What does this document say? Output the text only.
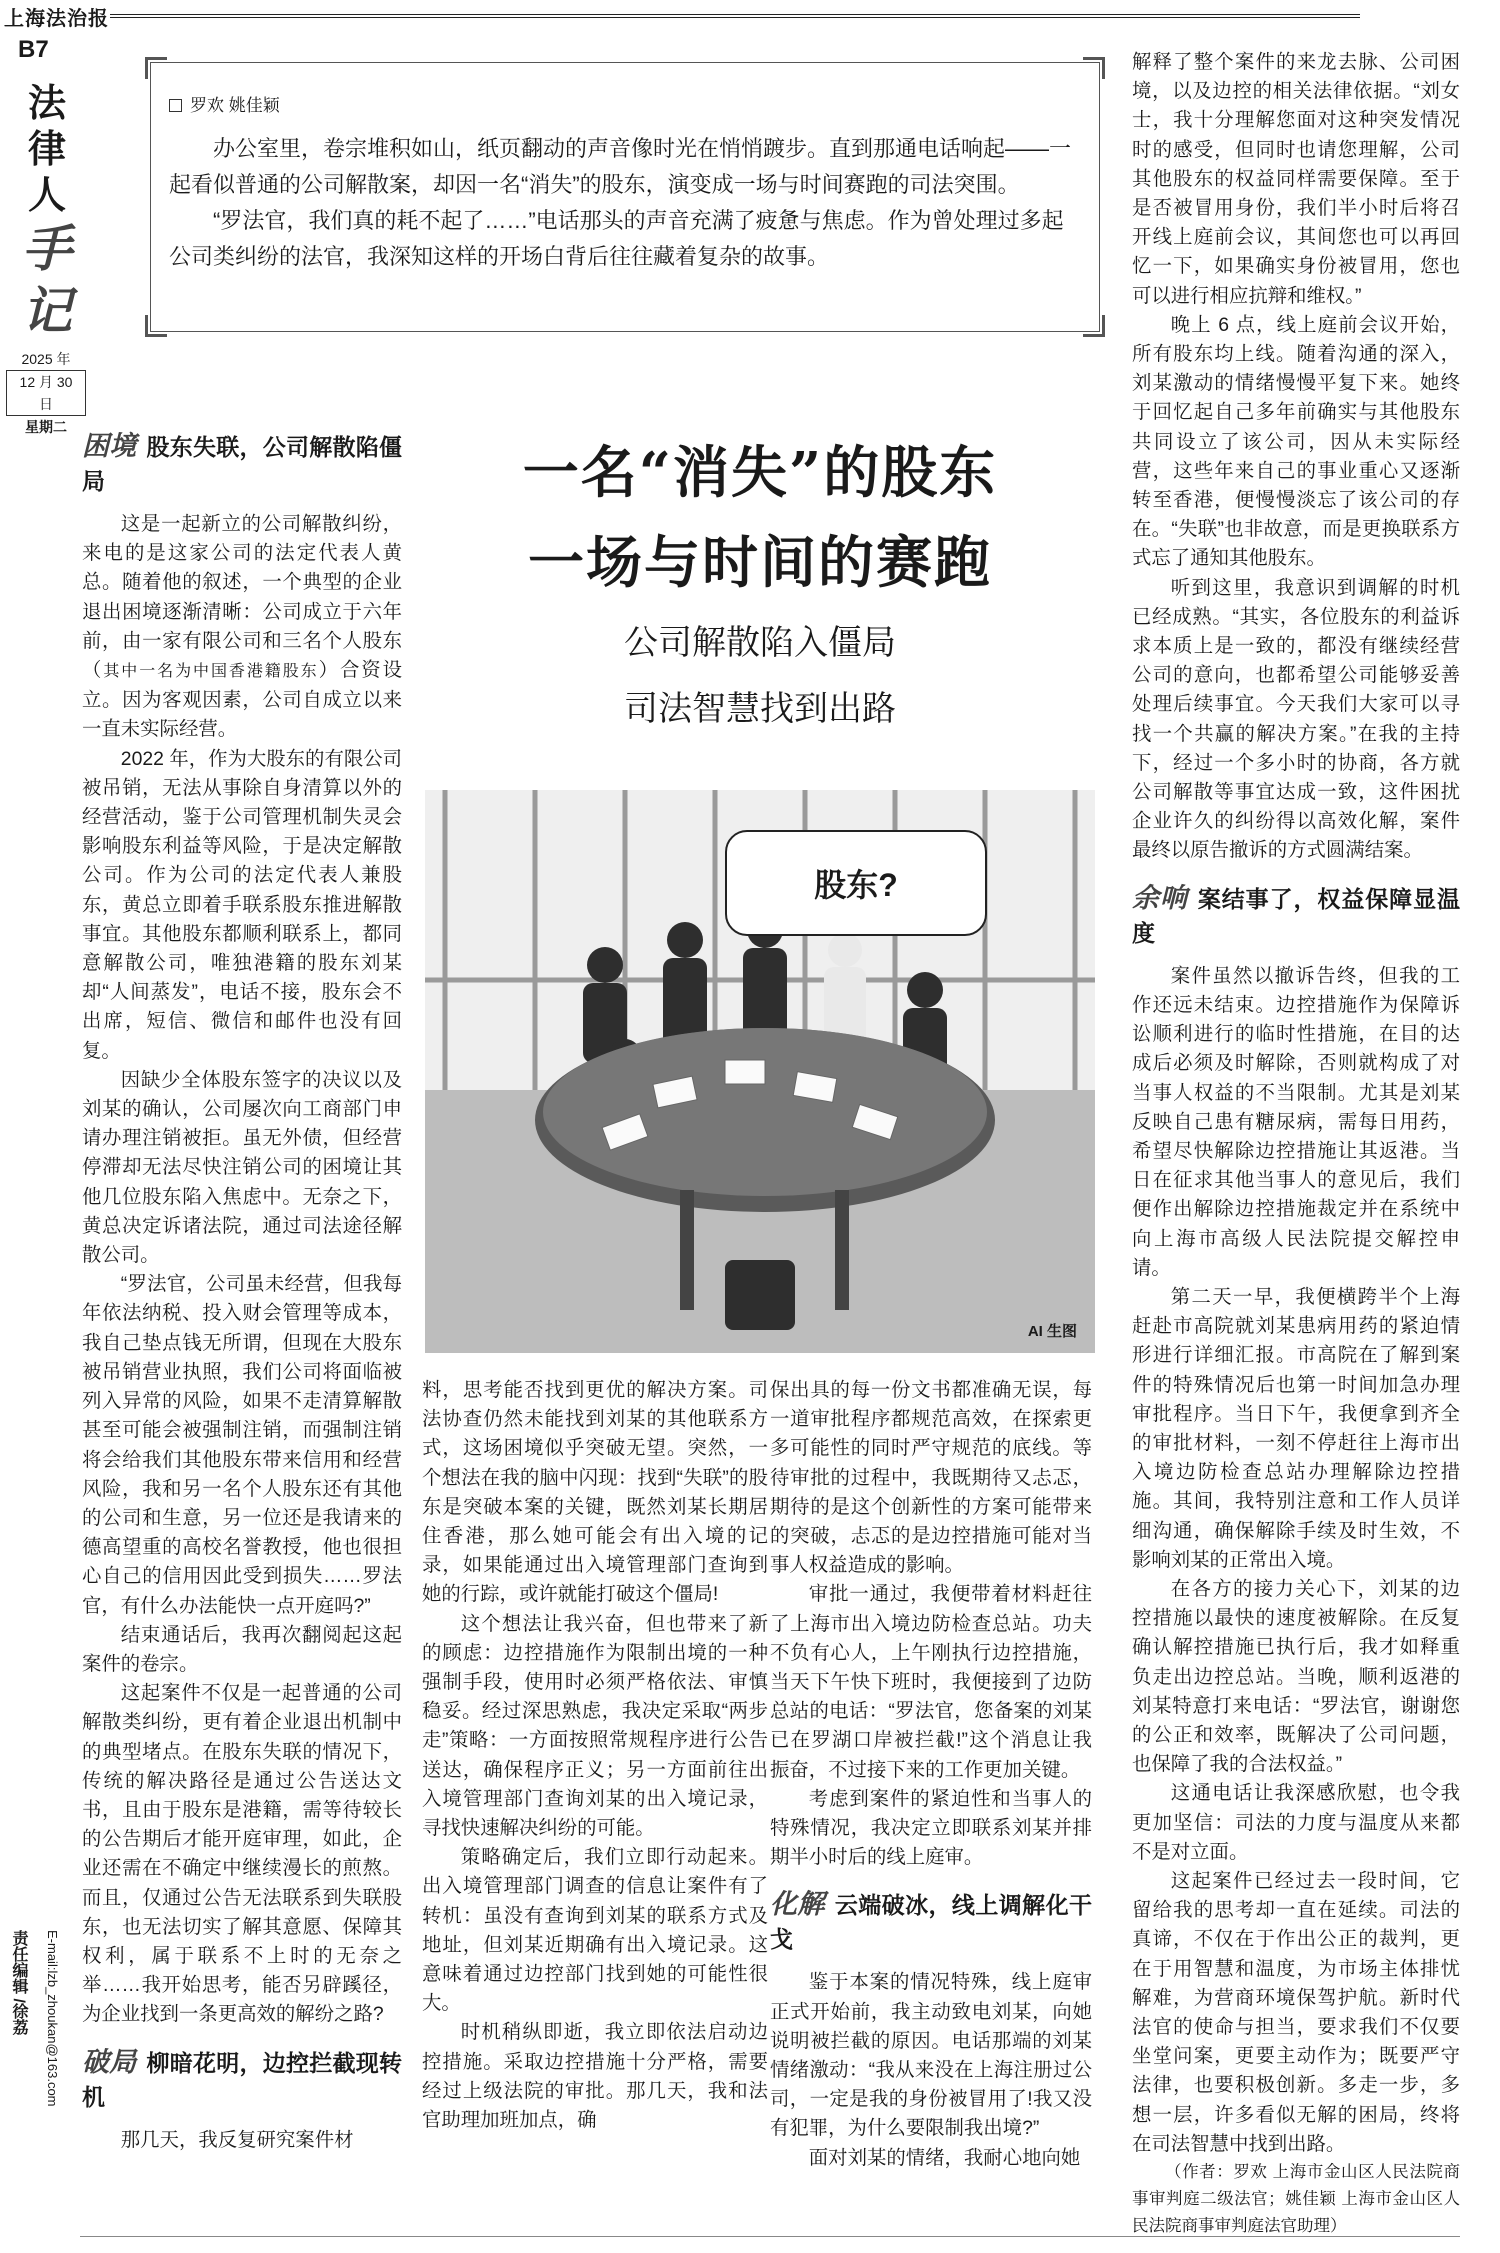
上海法治报
B7
法
律
人
手
记
2025 年
12 月 30 日
星期二
责任编辑 /徐荔	E-mail:lzb_zhoukan@163.com
罗欢 姚佳颖

办公室里，卷宗堆积如山，纸页翻动的声音像时光在悄悄踱步。直到那通电话响起——一起看似普通的公司解散案，却因一名“消失”的股东，演变成一场与时间赛跑的司法突围。

“罗法官，我们真的耗不起了……”电话那头的声音充满了疲惫与焦虑。作为曾处理过多起公司类纠纷的法官，我深知这样的开场白背后往往藏着复杂的故事。

一名“消失”的股东
一场与时间的赛跑
公司解散陷入僵局
司法智慧找到出路
股东?
AI 生图
困境 股东失联，公司解散陷僵局

这是一起新立的公司解散纠纷，来电的是这家公司的法定代表人黄总。随着他的叙述，一个典型的企业退出困境逐渐清晰：公司成立于六年前，由一家有限公司和三名个人股东（其中一名为中国香港籍股东）合资设立。因为客观因素，公司自成立以来一直未实际经营。

2022 年，作为大股东的有限公司被吊销，无法从事除自身清算以外的经营活动，鉴于公司管理机制失灵会影响股东利益等风险，于是决定解散公司。作为公司的法定代表人兼股东，黄总立即着手联系股东推进解散事宜。其他股东都顺利联系上，都同意解散公司，唯独港籍的股东刘某却“人间蒸发”，电话不接，股东会不出席，短信、微信和邮件也没有回复。

因缺少全体股东签字的决议以及刘某的确认，公司屡次向工商部门申请办理注销被拒。虽无外债，但经营停滞却无法尽快注销公司的困境让其他几位股东陷入焦虑中。无奈之下，黄总决定诉诸法院，通过司法途径解散公司。

“罗法官，公司虽未经营，但我每年依法纳税、投入财会管理等成本，我自己垫点钱无所谓，但现在大股东被吊销营业执照，我们公司将面临被列入异常的风险，如果不走清算解散甚至可能会被强制注销，而强制注销将会给我们其他股东带来信用和经营风险，我和另一名个人股东还有其他的公司和生意，另一位还是我请来的德高望重的高校名誉教授，他也很担心自己的信用因此受到损失……罗法官，有什么办法能快一点开庭吗?”

结束通话后，我再次翻阅起这起案件的卷宗。

这起案件不仅是一起普通的公司解散类纠纷，更有着企业退出机制中的典型堵点。在股东失联的情况下，传统的解决路径是通过公告送达文书，且由于股东是港籍，需等待较长的公告期后才能开庭审理，如此，企业还需在不确定中继续漫长的煎熬。而且，仅通过公告无法联系到失联股东，也无法切实了解其意愿、保障其权利，属于联系不上时的无奈之举……我开始思考，能否另辟蹊径，为企业找到一条更高效的解纷之路?

破局 柳暗花明，边控拦截现转机

那几天，我反复研究案件材

料，思考能否找到更优的解决方案。司法协查仍然未能找到刘某的其他联系方式，这场困境似乎突破无望。突然，一个想法在我的脑中闪现：找到“失联”的股东是突破本案的关键，既然刘某长期居住香港，那么她可能会有出入境的记录，如果能通过出入境管理部门查询到她的行踪，或许就能打破这个僵局!

这个想法让我兴奋，但也带来了新的顾虑：边控措施作为限制出境的一种强制手段，使用时必须严格依法、审慎稳妥。经过深思熟虑，我决定采取“两步走”策略：一方面按照常规程序进行公告送达，确保程序正义；另一方面前往出入境管理部门查询刘某的出入境记录，寻找快速解决纠纷的可能。

策略确定后，我们立即行动起来。出入境管理部门调查的信息让案件有了转机：虽没有查询到刘某的联系方式及地址，但刘某近期确有出入境记录。这意味着通过边控部门找到她的可能性很大。

时机稍纵即逝，我立即依法启动边控措施。采取边控措施十分严格，需要经过上级法院的审批。那几天，我和法官助理加班加点，确

保出具的每一份文书都准确无误，每一道审批程序都规范高效，在探索更多可能性的同时严守规范的底线。等待审批的过程中，我既期待又忐忑，期待的是这个创新性的方案可能带来的突破，忐忑的是边控措施可能对当事人权益造成的影响。

审批一通过，我便带着材料赶往了上海市出入境边防检查总站。功夫不负有心人，上午刚执行边控措施，当天下午快下班时，我便接到了边防总站的电话：“罗法官，您备案的刘某已在罗湖口岸被拦截!”这个消息让我振奋，不过接下来的工作更加关键。

考虑到案件的紧迫性和当事人的特殊情况，我决定立即联系刘某并排期半小时后的线上庭审。

化解 云端破冰，线上调解化干戈

鉴于本案的情况特殊，线上庭审正式开始前，我主动致电刘某，向她说明被拦截的原因。电话那端的刘某情绪激动：“我从来没在上海注册过公司，一定是我的身份被冒用了!我又没有犯罪，为什么要限制我出境?”

面对刘某的情绪，我耐心地向她

解释了整个案件的来龙去脉、公司困境，以及边控的相关法律依据。“刘女士，我十分理解您面对这种突发情况时的感受，但同时也请您理解，公司其他股东的权益同样需要保障。至于是否被冒用身份，我们半小时后将召开线上庭前会议，其间您也可以再回忆一下，如果确实身份被冒用，您也可以进行相应抗辩和维权。”

晚上 6 点，线上庭前会议开始，所有股东均上线。随着沟通的深入，刘某激动的情绪慢慢平复下来。她终于回忆起自己多年前确实与其他股东共同设立了该公司，因从未实际经营，这些年来自己的事业重心又逐渐转至香港，便慢慢淡忘了该公司的存在。“失联”也非故意，而是更换联系方式忘了通知其他股东。

听到这里，我意识到调解的时机已经成熟。“其实，各位股东的利益诉求本质上是一致的，都没有继续经营公司的意向，也都希望公司能够妥善处理后续事宜。今天我们大家可以寻找一个共赢的解决方案。”在我的主持下，经过一个多小时的协商，各方就公司解散等事宜达成一致，这件困扰企业许久的纠纷得以高效化解，案件最终以原告撤诉的方式圆满结案。

余响 案结事了，权益保障显温度

案件虽然以撤诉告终，但我的工作还远未结束。边控措施作为保障诉讼顺利进行的临时性措施，在目的达成后必须及时解除，否则就构成了对当事人权益的不当限制。尤其是刘某反映自己患有糖尿病，需每日用药，希望尽快解除边控措施让其返港。当日在征求其他当事人的意见后，我们便作出解除边控措施裁定并在系统中向上海市高级人民法院提交解控申请。

第二天一早，我便横跨半个上海赶赴市高院就刘某患病用药的紧迫情形进行详细汇报。市高院在了解到案件的特殊情况后也第一时间加急办理审批程序。当日下午，我便拿到齐全的审批材料，一刻不停赶往上海市出入境边防检查总站办理解除边控措施。其间，我特别注意和工作人员详细沟通，确保解除手续及时生效，不影响刘某的正常出入境。

在各方的接力关心下，刘某的边控措施以最快的速度被解除。在反复确认解控措施已执行后，我才如释重负走出边控总站。当晚，顺利返港的刘某特意打来电话：“罗法官，谢谢您的公正和效率，既解决了公司问题，也保障了我的合法权益。”

这通电话让我深感欣慰，也令我更加坚信：司法的力度与温度从来都不是对立面。

这起案件已经过去一段时间，它留给我的思考却一直在延续。司法的真谛，不仅在于作出公正的裁判，更在于用智慧和温度，为市场主体排忧解难，为营商环境保驾护航。新时代法官的使命与担当，要求我们不仅要坐堂问案，更要主动作为；既要严守法律，也要积极创新。多走一步，多想一层，许多看似无解的困局，终将在司法智慧中找到出路。

（作者：罗欢 上海市金山区人民法院商事审判庭二级法官；姚佳颖 上海市金山区人民法院商事审判庭法官助理）
